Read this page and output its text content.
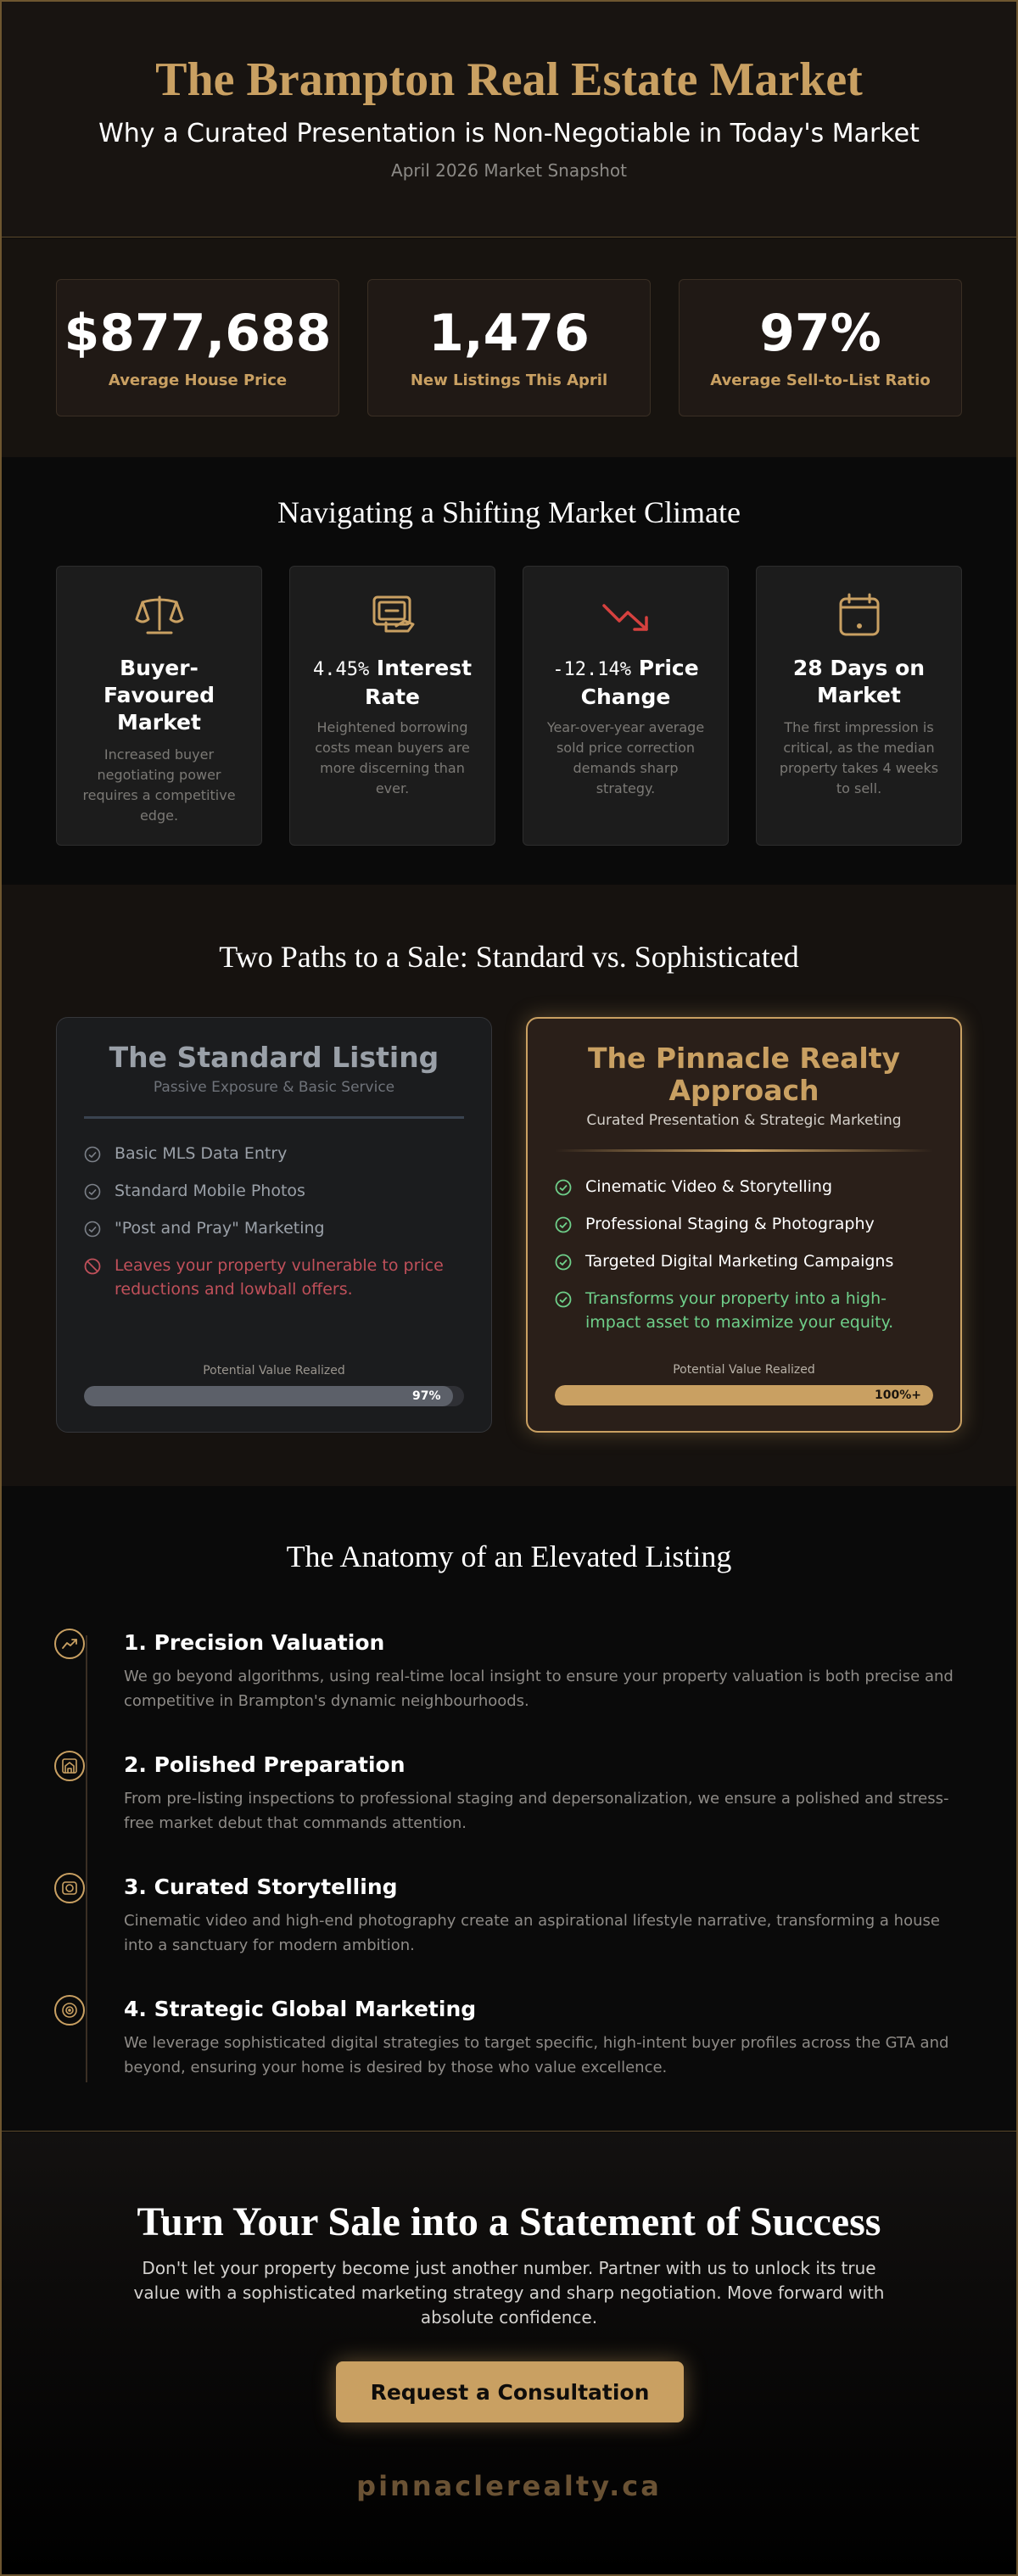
The Brampton Real Estate Market
Why a Curated Presentation is Non-Negotiable in Today's Market
April 2026 Market Snapshot
$877,688
Average House Price
1,476
New Listings This April
97%
Average Sell-to-List Ratio
Navigating a Shifting Market Climate
Buyer-Favoured Market
Increased buyer negotiating power requires a competitive edge.
4.45% Interest Rate
Heightened borrowing costs mean buyers are more discerning than ever.
-12.14% Price Change
Year-over-year average sold price correction demands sharp strategy.
28 Days on Market
The first impression is critical, as the median property takes 4 weeks to sell.
Two Paths to a Sale: Standard vs. Sophisticated
The Standard Listing
Passive Exposure & Basic Service
Basic MLS Data Entry
Standard Mobile Photos
"Post and Pray" Marketing
Leaves your property vulnerable to price reductions and lowball offers.
Potential Value Realized
97%
The Pinnacle Realty Approach
Curated Presentation & Strategic Marketing
Cinematic Video & Storytelling
Professional Staging & Photography
Targeted Digital Marketing Campaigns
Transforms your property into a high-impact asset to maximize your equity.
Potential Value Realized
100%+
The Anatomy of an Elevated Listing
1. Precision Valuation
We go beyond algorithms, using real-time local insight to ensure your property valuation is both precise and competitive in Brampton's dynamic neighbourhoods.
2. Polished Preparation
From pre-listing inspections to professional staging and depersonalization, we ensure a polished and stress-free market debut that commands attention.
3. Curated Storytelling
Cinematic video and high-end photography create an aspirational lifestyle narrative, transforming a house into a sanctuary for modern ambition.
4. Strategic Global Marketing
We leverage sophisticated digital strategies to target specific, high-intent buyer profiles across the GTA and beyond, ensuring your home is desired by those who value excellence.
Turn Your Sale into a Statement of Success
Don't let your property become just another number. Partner with us to unlock its true value with a sophisticated marketing strategy and sharp negotiation. Move forward with absolute confidence.
Request a Consultation
pinnaclerealty.ca
